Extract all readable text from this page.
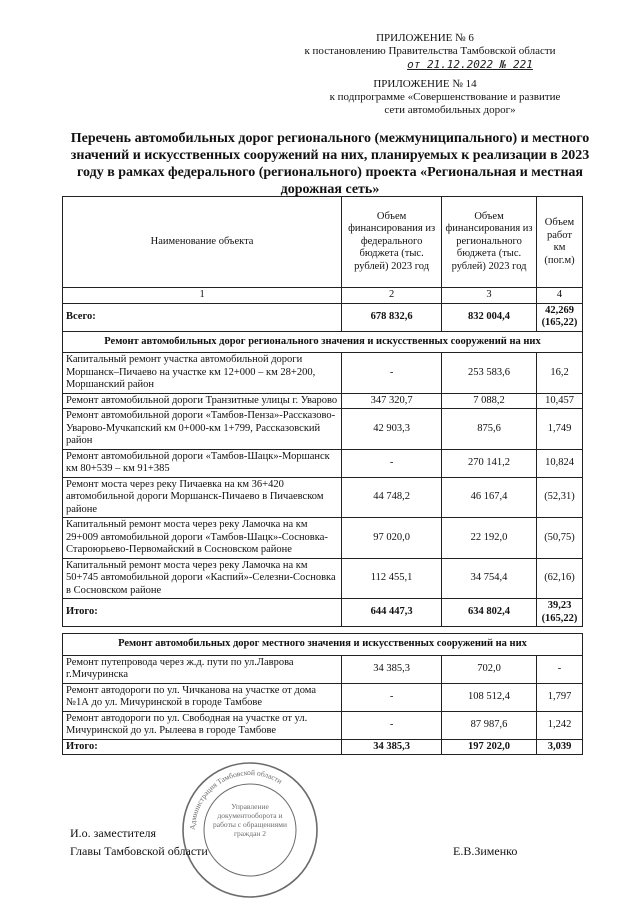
ПРИЛОЖЕНИЕ № 6
к постановлению Правительства Тамбовской области
от 21.12.2022 № 221
ПРИЛОЖЕНИЕ № 14
к подпрограмме «Совершенствование и развитие
сети автомобильных дорог»
Перечень автомобильных дорог регионального (межмуниципального) и местного значений и искусственных сооружений на них, планируемых к реализации в 2023 году в рамках федерального (регионального) проекта «Региональная и местная дорожная сеть»
Наименование объекта	Объем финансирования из федерального бюджета (тыс. рублей) 2023 год	Объем финансирования из регионального бюджета (тыс. рублей) 2023 год	Объем работ км (пог.м)
1	2	3	4
Всего:	678 832,6	832 004,4	42,269 (165,22)
Ремонт автомобильных дорог регионального значения и искусственных сооружений на них			
Капитальный ремонт участка автомобильной дороги Моршанск–Пичаево на участке км 12+000 – км 28+200, Моршанский район	-	253 583,6	16,2
Ремонт автомобильной дороги Транзитные улицы г. Уварово	347 320,7	7 088,2	10,457
Ремонт автомобильной дороги «Тамбов-Пенза»-Рассказово-Уварово-Мучкапский км 0+000-км 1+799, Рассказовский район	42 903,3	875,6	1,749
Ремонт автомобильной дороги «Тамбов-Шацк»-Моршанск км 80+539 – км 91+385	-	270 141,2	10,824
Ремонт моста через реку Пичаевка на км 36+420 автомобильной дороги Моршанск-Пичаево в Пичаевском районе	44 748,2	46 167,4	(52,31)
Капитальный ремонт моста через реку Ламочка на км 29+009 автомобильной дороги «Тамбов-Шацк»-Сосновка-Староюрьево-Первомайский в Сосновском районе	97 020,0	22 192,0	(50,75)
Капитальный ремонт моста через реку Ламочка на км 50+745 автомобильной дороги «Каспий»-Селезни-Сосновка в Сосновском районе	112 455,1	34 754,4	(62,16)
Итого:	644 447,3	634 802,4	39,23 (165,22)

Ремонт автомобильных дорог местного значения и искусственных сооружений на них			
Ремонт путепровода через ж.д. пути по ул.Лаврова г.Мичуринска	34 385,3	702,0	-
Ремонт автодороги по ул. Чичканова на участке от дома №1А до ул. Мичуринской в городе Тамбове	-	108 512,4	1,797
Ремонт автодороги по ул. Свободная на участке от ул. Мичуринской до ул. Рылеева в городе Тамбове	-	87 987,6	1,242
Итого:	34 385,3	197 202,0	3,039
Администрация Тамбовской области
Управление документооборота и работы с обращениями граждан 2
И.о. заместителя
Главы Тамбовской области	Е.В.Зименко
